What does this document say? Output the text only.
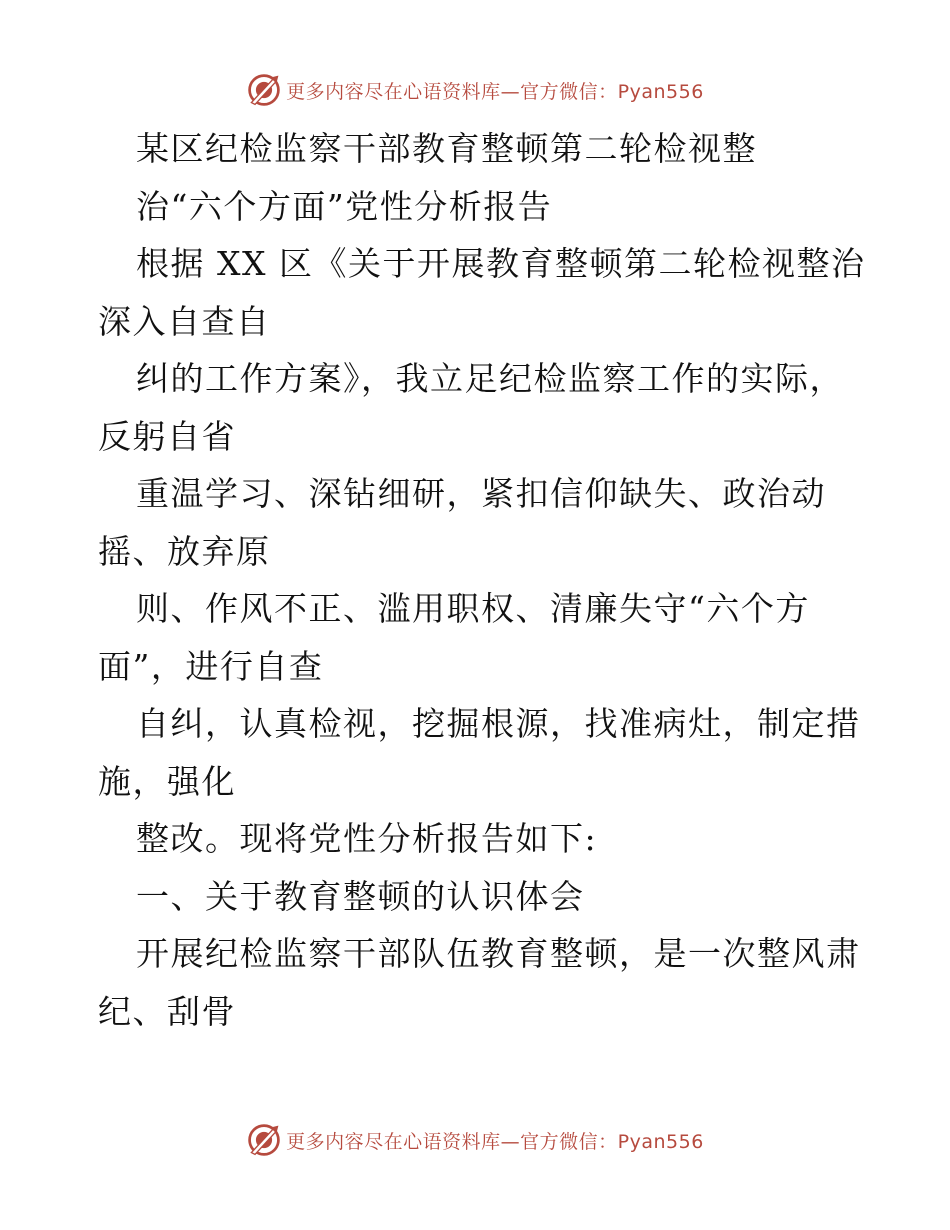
更多内容尽在心语资料库—官方微信：Pyan556
某区纪检监察干部教育整顿第二轮检视整
治“六个方面”党性分析报告
根据 XX 区《关于开展教育整顿第二轮检视整治
深入自查自
纠的工作方案》，我立足纪检监察工作的实际，
反躬自省
重温学习、深钻细研，紧扣信仰缺失、政治动
摇、放弃原
则、作风不正、滥用职权、清廉失守“六个方
面”，进行自查
自纠，认真检视，挖掘根源，找准病灶，制定措
施，强化
整改。现将党性分析报告如下:
一、关于教育整顿的认识体会
开展纪检监察干部队伍教育整顿，是一次整风肃
纪、刮骨
更多内容尽在心语资料库—官方微信：Pyan556
